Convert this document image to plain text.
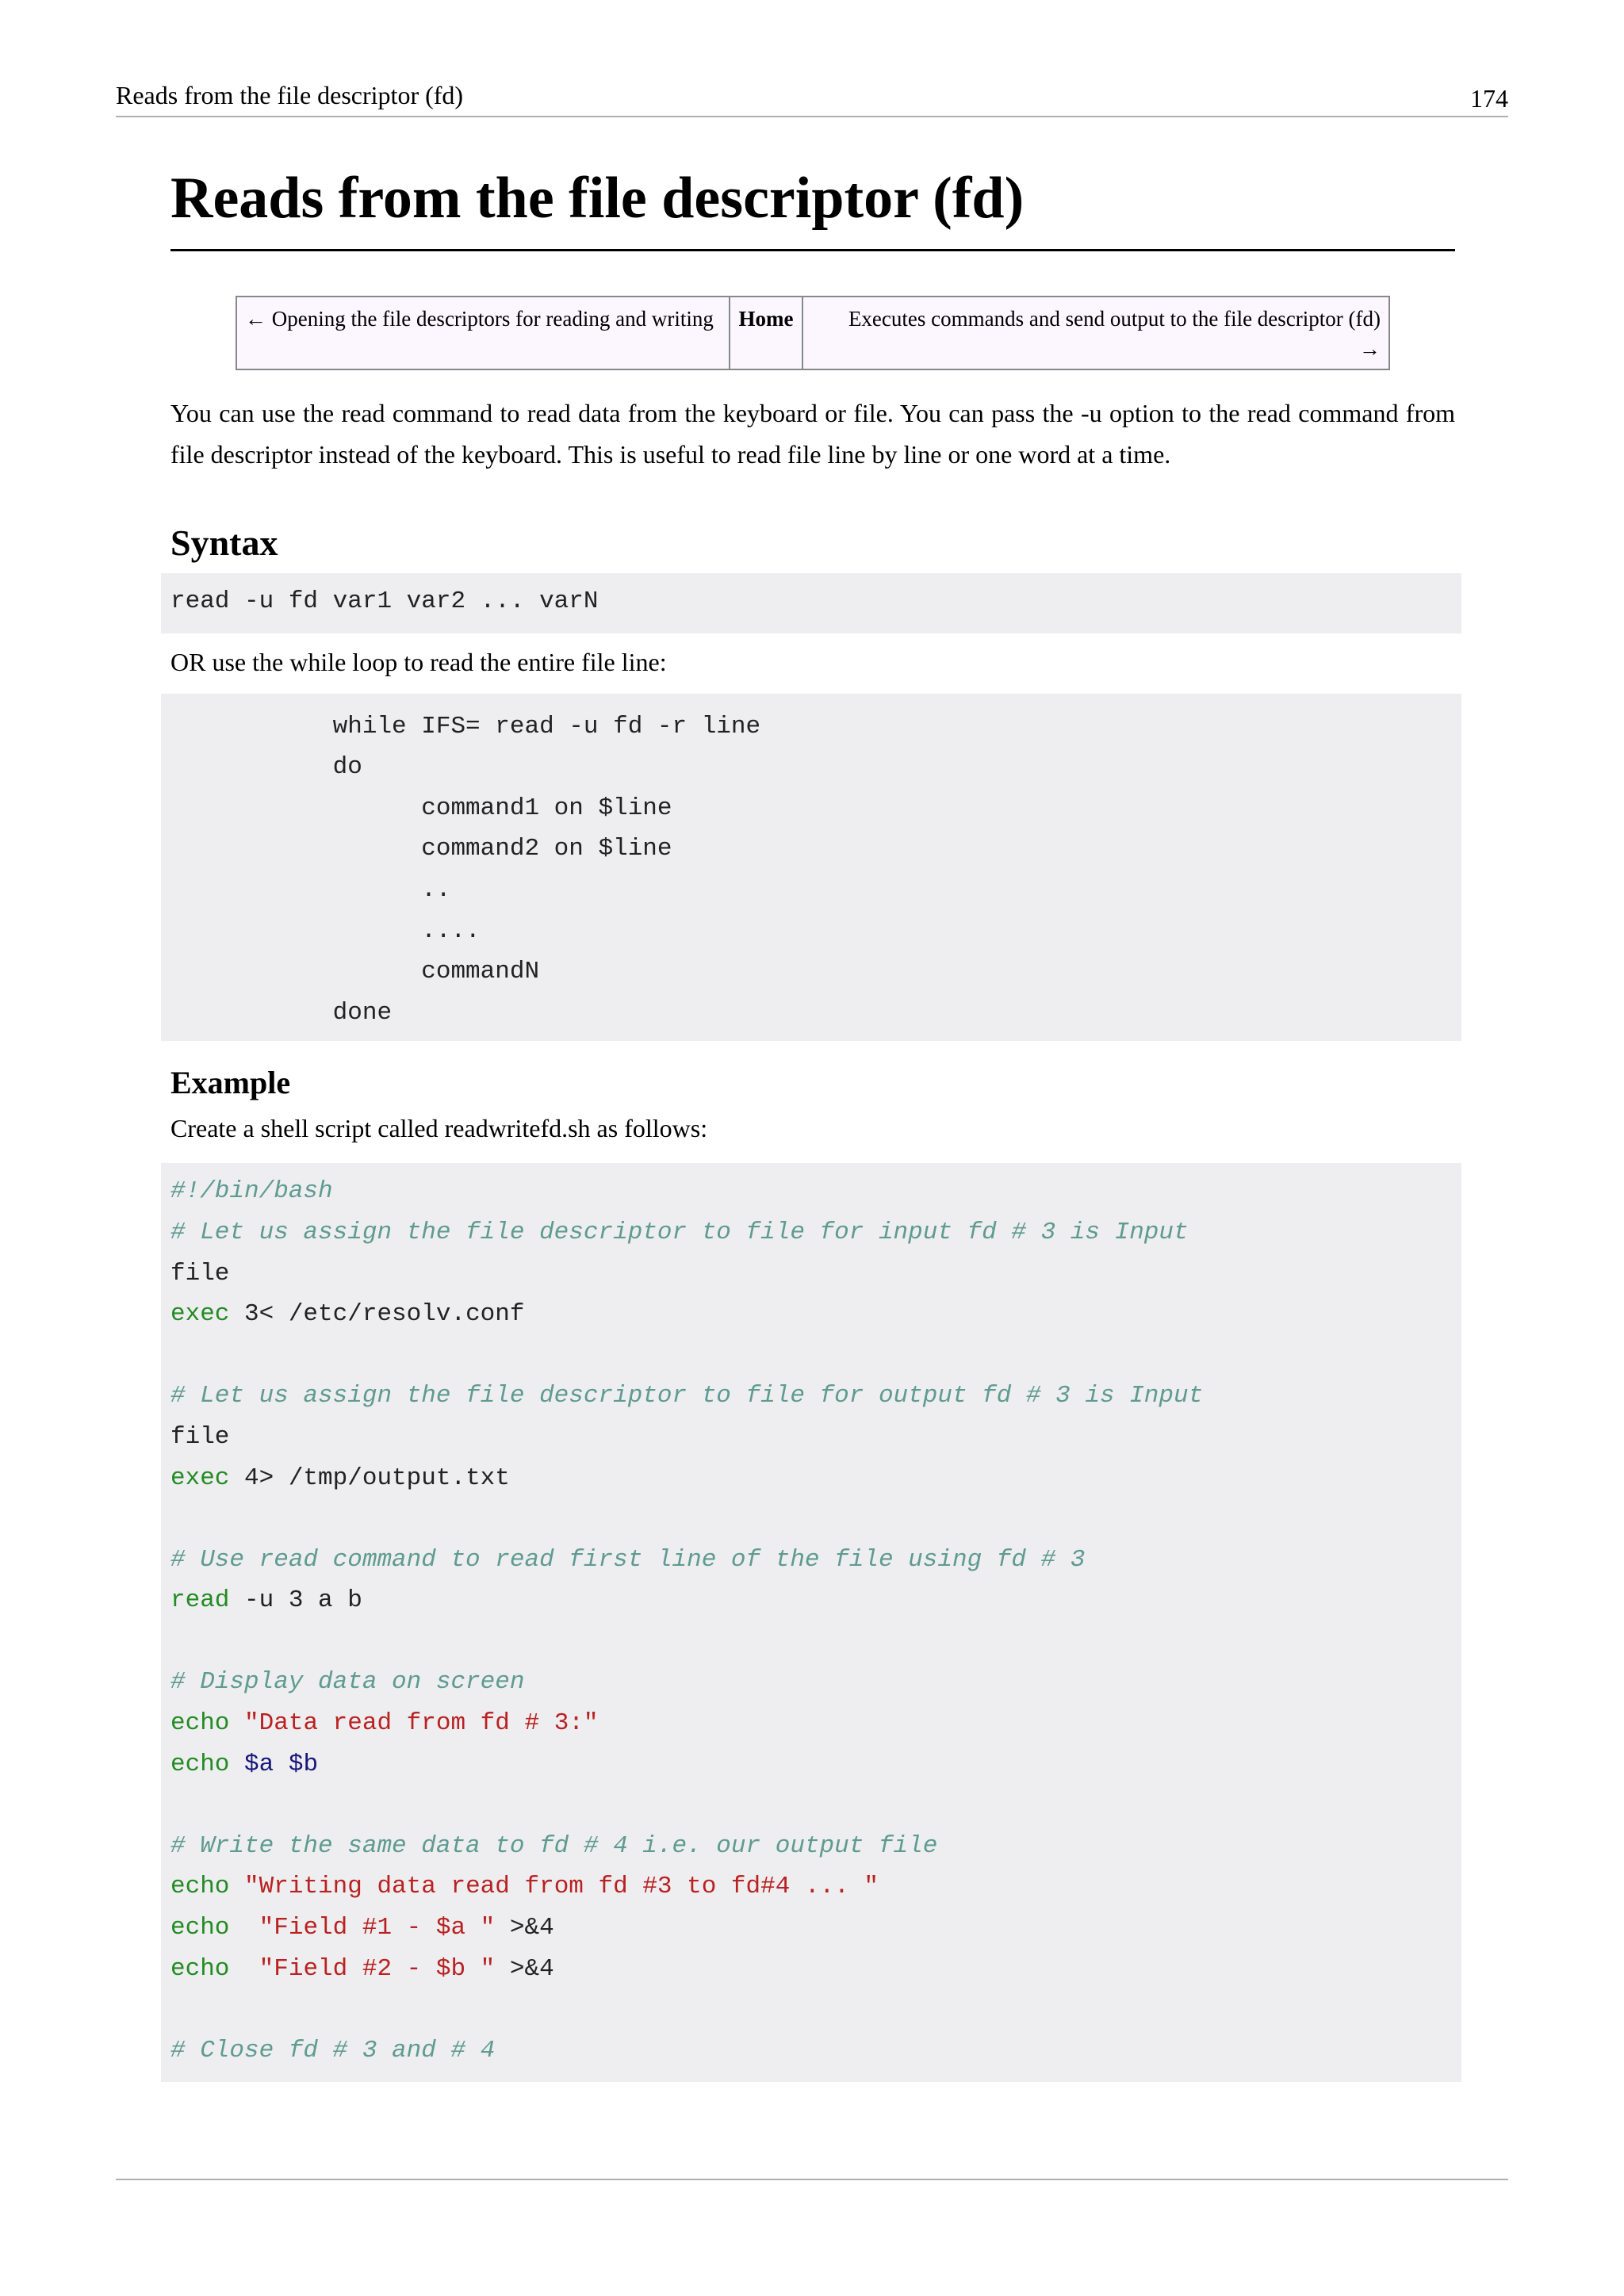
Reads from the file descriptor (fd)	174
Reads from the file descriptor (fd)
← Opening the file descriptors for reading and writing	Home	Executes commands and send output to the file descriptor (fd)
→

You can use the read command to read data from the keyboard or file. You can pass the -u option to the read command from file descriptor instead of the keyboard. This is useful to read file line by line or one word at a time.

Syntax
read -u fd var1 var2 ... varN

OR use the while loop to read the entire file line:

while IFS= read -u fd -r line
do
command1 on $line
command2 on $line
..
....
commandN
done
Example

Create a shell script called readwritefd.sh as follows:

#!/bin/bash
# Let us assign the file descriptor to file for input fd # 3 is Input
file
exec 3< /etc/resolv.conf
# Let us assign the file descriptor to file for output fd # 3 is Input
file
exec 4> /tmp/output.txt
# Use read command to read first line of the file using fd # 3
read -u 3 a b
# Display data on screen
echo "Data read from fd # 3:"
echo $a $b
# Write the same data to fd # 4 i.e. our output file
echo "Writing data read from fd #3 to fd#4 ... "
echo "Field #1 - $a " >&4
echo "Field #2 - $b " >&4
# Close fd # 3 and # 4
